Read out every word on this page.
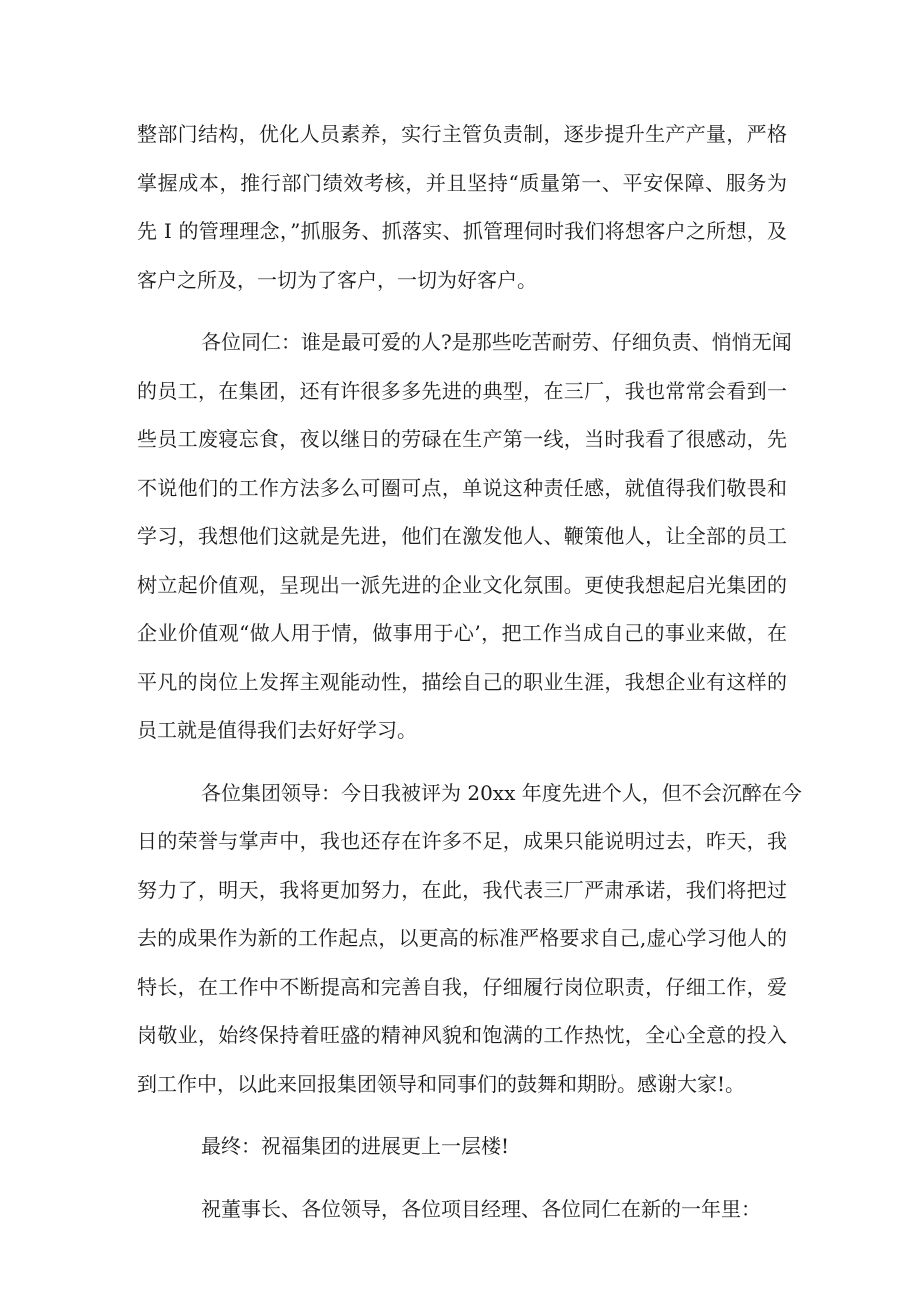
整部门结构，优化人员素养，实行主管负责制，逐步提升生产产量，严格
掌握成本，推行部门绩效考核，并且坚持“质量第一、平安保障、服务为
先 I 的管理理念，”抓服务、抓落实、抓管理伺时我们将想客户之所想，及
客户之所及，一切为了客户，一切为好客户。
各位同仁：谁是最可爱的人?是那些吃苦耐劳、仔细负责、悄悄无闻
的员工，在集团，还有许很多多先进的典型，在三厂，我也常常会看到一
些员工废寝忘食，夜以继日的劳碌在生产第一线，当时我看了很感动，先
不说他们的工作方法多么可圈可点，单说这种责任感，就值得我们敬畏和
学习，我想他们这就是先进，他们在激发他人、鞭策他人，让全部的员工
树立起价值观，呈现出一派先进的企业文化氛围。更使我想起启光集团的
企业价值观“做人用于情，做事用于心’，把工作当成自己的事业来做，在
平凡的岗位上发挥主观能动性，描绘自己的职业生涯，我想企业有这样的
员工就是值得我们去好好学习。
各位集团领导：今日我被评为 20xx 年度先进个人，但不会沉醉在今
日的荣誉与掌声中，我也还存在许多不足，成果只能说明过去，昨天，我
努力了，明天，我将更加努力，在此，我代表三厂严肃承诺，我们将把过
去的成果作为新的工作起点，以更高的标准严格要求自己,虚心学习他人的
特长，在工作中不断提高和完善自我，仔细履行岗位职责，仔细工作，爱
岗敬业，始终保持着旺盛的精神风貌和饱满的工作热忱，全心全意的投入
到工作中，以此来回报集团领导和同事们的鼓舞和期盼。感谢大家!。
最终：祝福集团的进展更上一层楼!
祝董事长、各位领导，各位项目经理、各位同仁在新的一年里：
